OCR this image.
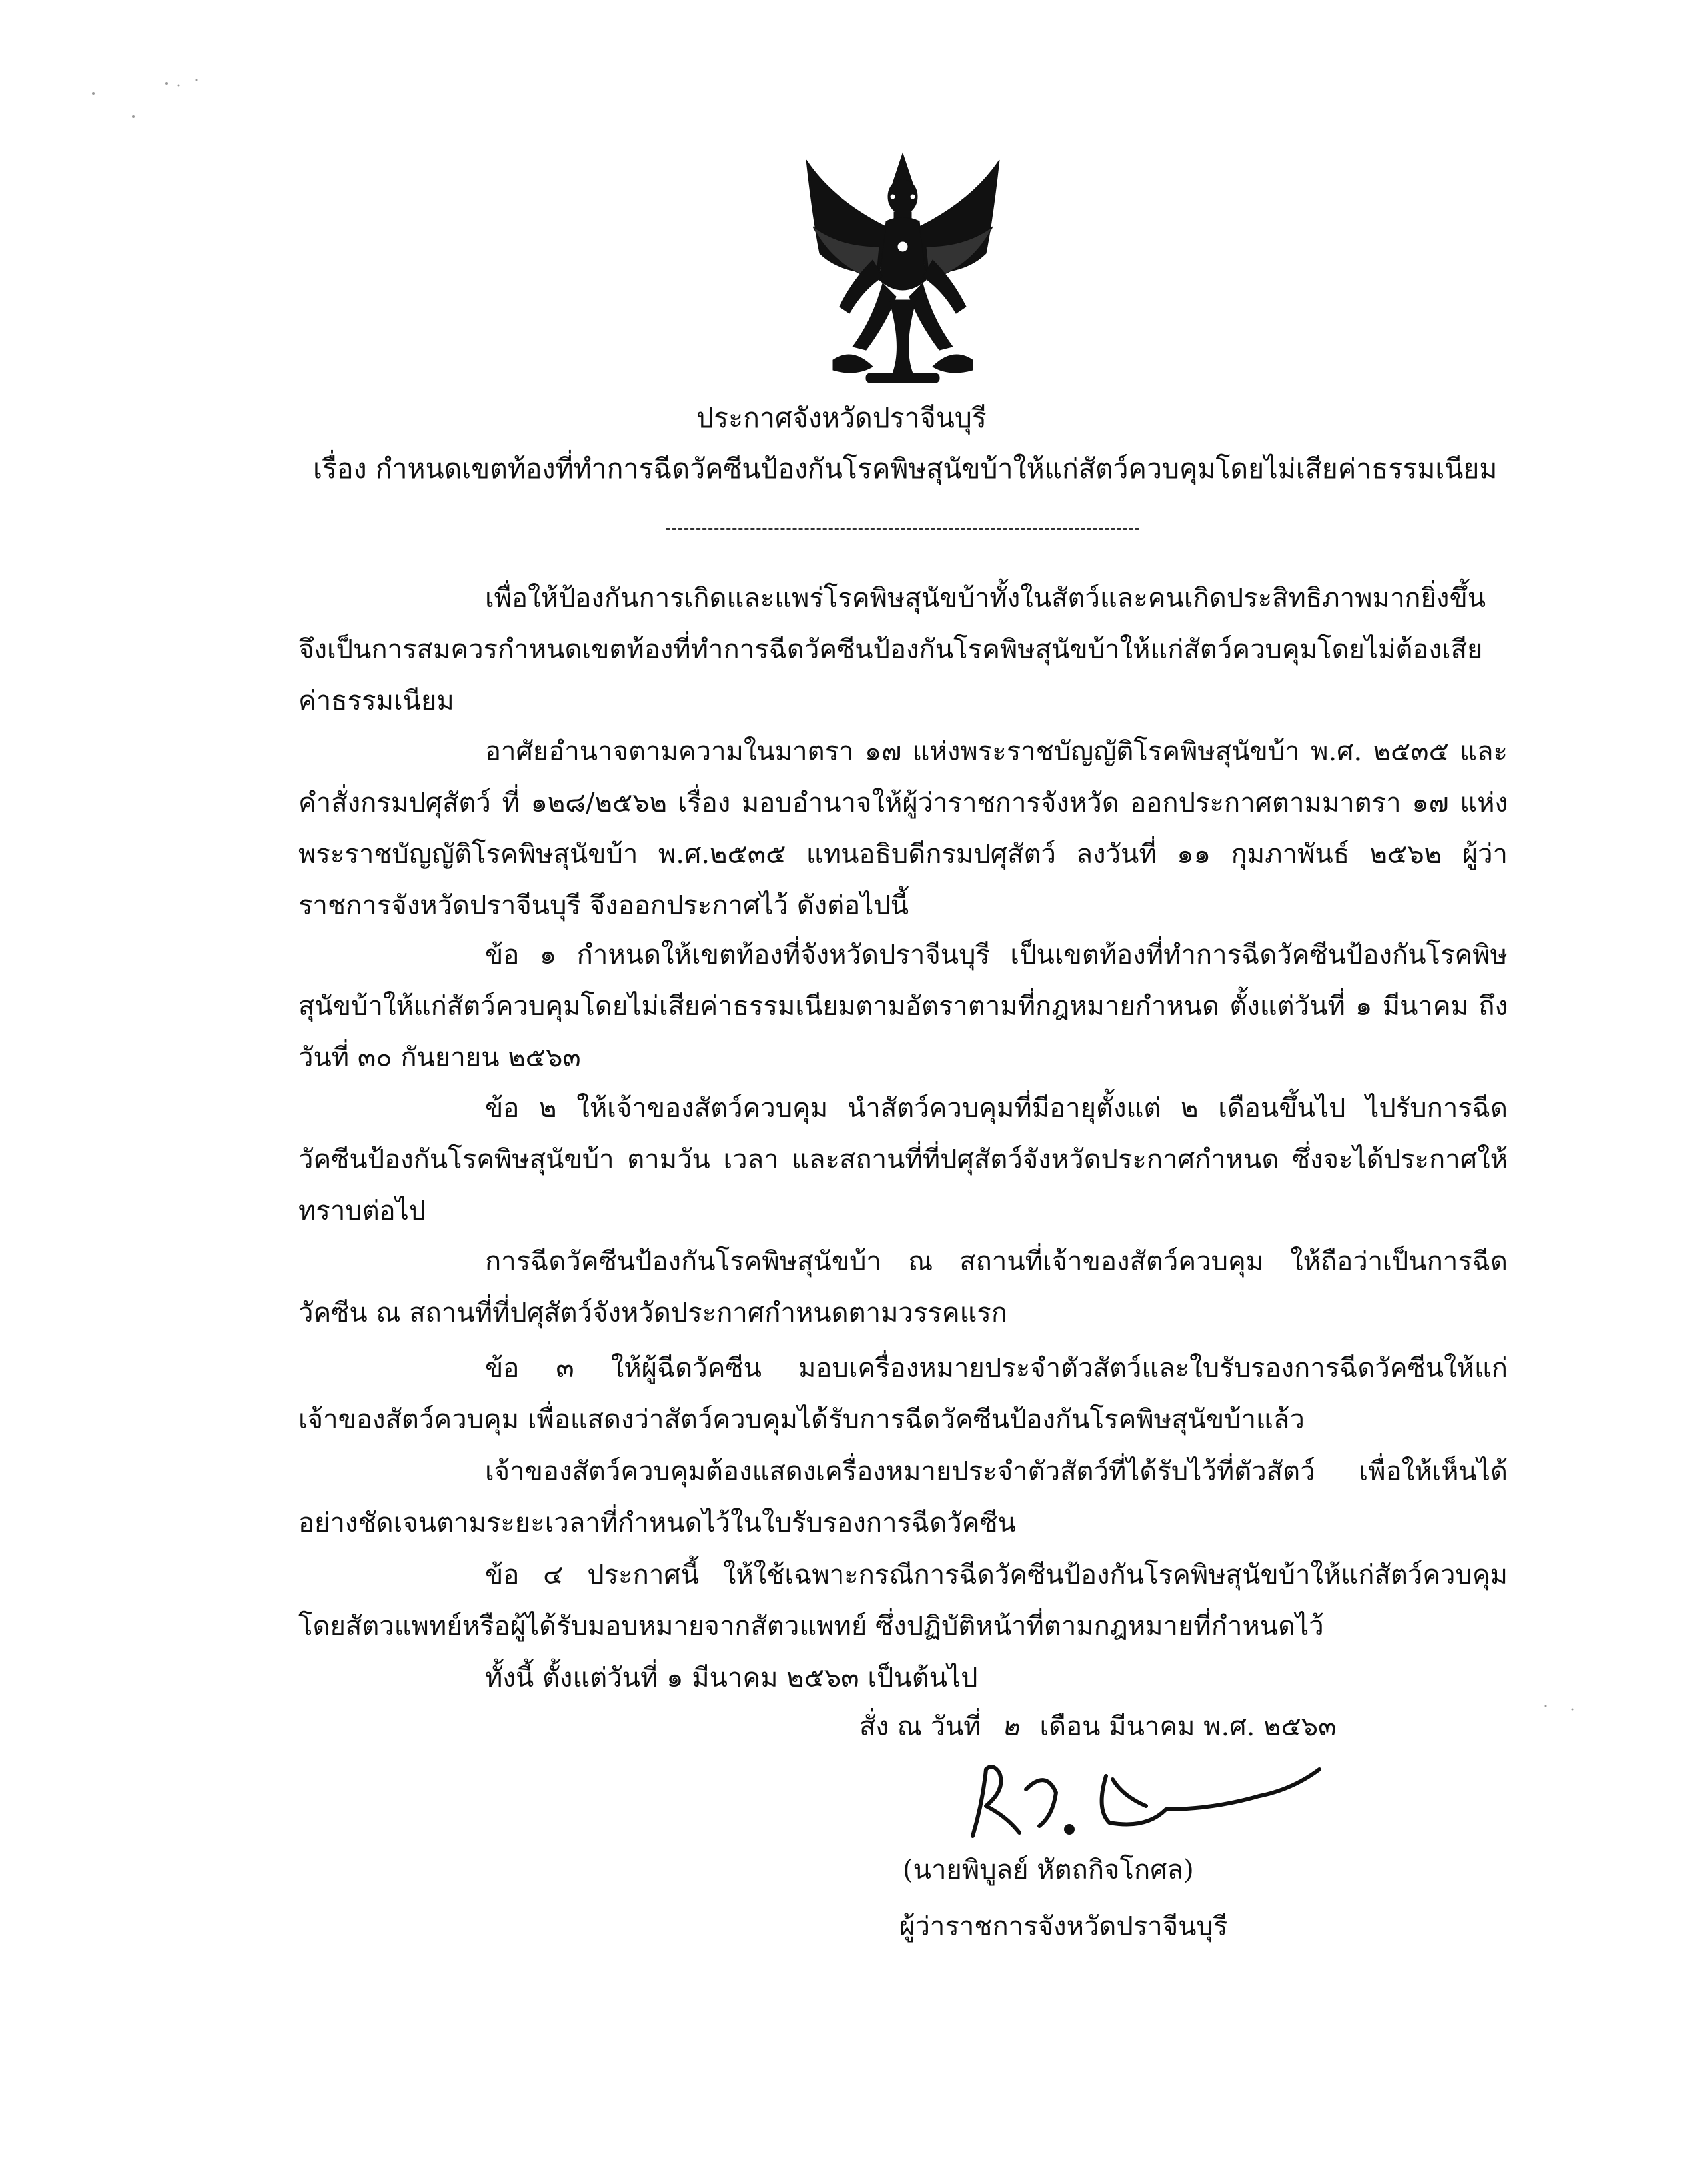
ประกาศจังหวัดปราจีนบุรี
เรื่อง กำหนดเขตท้องที่ทำการฉีดวัคซีนป้องกันโรคพิษสุนัขบ้าให้แก่สัตว์ควบคุมโดยไม่เสียค่าธรรมเนียม

เพื่อให้ป้องกันการเกิดและแพร่โรคพิษสุนัขบ้าทั้งในสัตว์และคนเกิดประสิทธิภาพมากยิ่งขึ้น จึงเป็นการสมควรกำหนดเขตท้องที่ทำการฉีดวัคซีนป้องกันโรคพิษสุนัขบ้าให้แก่สัตว์ควบคุมโดยไม่ต้องเสียค่าธรรมเนียม

อาศัยอำนาจตามความในมาตรา ๑๗ แห่งพระราชบัญญัติโรคพิษสุนัขบ้า พ.ศ. ๒๕๓๕ และคำสั่งกรมปศุสัตว์ ที่ ๑๒๘/๒๕๖๒ เรื่อง มอบอำนาจให้ผู้ว่าราชการจังหวัด ออกประกาศตามมาตรา ๑๗ แห่งพระราชบัญญัติโรคพิษสุนัขบ้า พ.ศ.๒๕๓๕ แทนอธิบดีกรมปศุสัตว์ ลงวันที่ ๑๑ กุมภาพันธ์ ๒๕๖๒ ผู้ว่าราชการจังหวัดปราจีนบุรี จึงออกประกาศไว้ ดังต่อไปนี้

ข้อ ๑ กำหนดให้เขตท้องที่จังหวัดปราจีนบุรี เป็นเขตท้องที่ทำการฉีดวัคซีนป้องกันโรคพิษสุนัขบ้าให้แก่สัตว์ควบคุมโดยไม่เสียค่าธรรมเนียมตามอัตราตามที่กฎหมายกำหนด ตั้งแต่วันที่ ๑ มีนาคม ถึงวันที่ ๓๐ กันยายน ๒๕๖๓

ข้อ ๒ ให้เจ้าของสัตว์ควบคุม นำสัตว์ควบคุมที่มีอายุตั้งแต่ ๒ เดือนขึ้นไป ไปรับการฉีดวัคซีนป้องกันโรคพิษสุนัขบ้า ตามวัน เวลา และสถานที่ที่ปศุสัตว์จังหวัดประกาศกำหนด ซึ่งจะได้ประกาศให้ทราบต่อไป

การฉีดวัคซีนป้องกันโรคพิษสุนัขบ้า ณ สถานที่เจ้าของสัตว์ควบคุม ให้ถือว่าเป็นการฉีดวัคซีน ณ สถานที่ที่ปศุสัตว์จังหวัดประกาศกำหนดตามวรรคแรก

ข้อ ๓ ให้ผู้ฉีดวัคซีน มอบเครื่องหมายประจำตัวสัตว์และใบรับรองการฉีดวัคซีนให้แก่เจ้าของสัตว์ควบคุม เพื่อแสดงว่าสัตว์ควบคุมได้รับการฉีดวัคซีนป้องกันโรคพิษสุนัขบ้าแล้ว

เจ้าของสัตว์ควบคุมต้องแสดงเครื่องหมายประจำตัวสัตว์ที่ได้รับไว้ที่ตัวสัตว์ เพื่อให้เห็นได้อย่างชัดเจนตามระยะเวลาที่กำหนดไว้ในใบรับรองการฉีดวัคซีน

ข้อ ๔ ประกาศนี้ ให้ใช้เฉพาะกรณีการฉีดวัคซีนป้องกันโรคพิษสุนัขบ้าให้แก่สัตว์ควบคุมโดยสัตวแพทย์หรือผู้ได้รับมอบหมายจากสัตวแพทย์ ซึ่งปฏิบัติหน้าที่ตามกฎหมายที่กำหนดไว้

ทั้งนี้ ตั้งแต่วันที่ ๑ มีนาคม ๒๕๖๓ เป็นต้นไป

สั่ง ณ วันที่ ๒ เดือน มีนาคม พ.ศ. ๒๕๖๓
(นายพิบูลย์ หัตถกิจโกศล)
ผู้ว่าราชการจังหวัดปราจีนบุรี
